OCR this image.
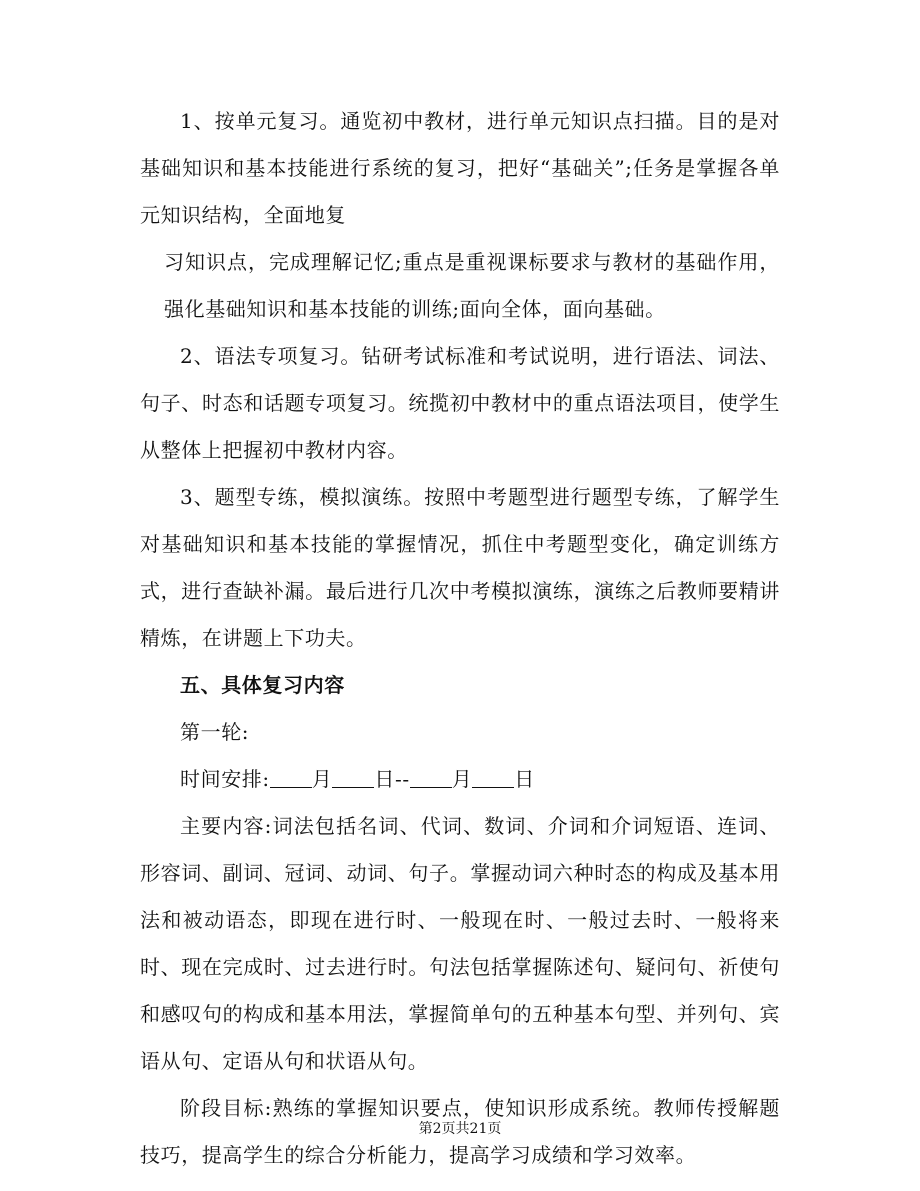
1、按单元复习。通览初中教材，进行单元知识点扫描。目的是对基础知识和基本技能进行系统的复习，把好“基础关”;任务是掌握各单元知识结构，全面地复

习知识点，完成理解记忆;重点是重视课标要求与教材的基础作用，强化基础知识和基本技能的训练;面向全体，面向基础。

2、语法专项复习。钻研考试标准和考试说明，进行语法、词法、句子、时态和话题专项复习。统揽初中教材中的重点语法项目，使学生从整体上把握初中教材内容。

3、题型专练，模拟演练。按照中考题型进行题型专练，了解学生对基础知识和基本技能的掌握情况，抓住中考题型变化，确定训练方式，进行查缺补漏。最后进行几次中考模拟演练，演练之后教师要精讲精炼，在讲题上下功夫。

五、具体复习内容

第一轮:

时间安排: 月 日-- 月 日

主要内容:词法包括名词、代词、数词、介词和介词短语、连词、形容词、副词、冠词、动词、句子。掌握动词六种时态的构成及基本用法和被动语态，即现在进行时、一般现在时、一般过去时、一般将来时、现在完成时、过去进行时。句法包括掌握陈述句、疑问句、祈使句和感叹句的构成和基本用法，掌握简单句的五种基本句型、并列句、宾语从句、定语从句和状语从句。

阶段目标:熟练的掌握知识要点，使知识形成系统。教师传授解题技巧，提高学生的综合分析能力，提高学习成绩和学习效率。

第2页共21页
